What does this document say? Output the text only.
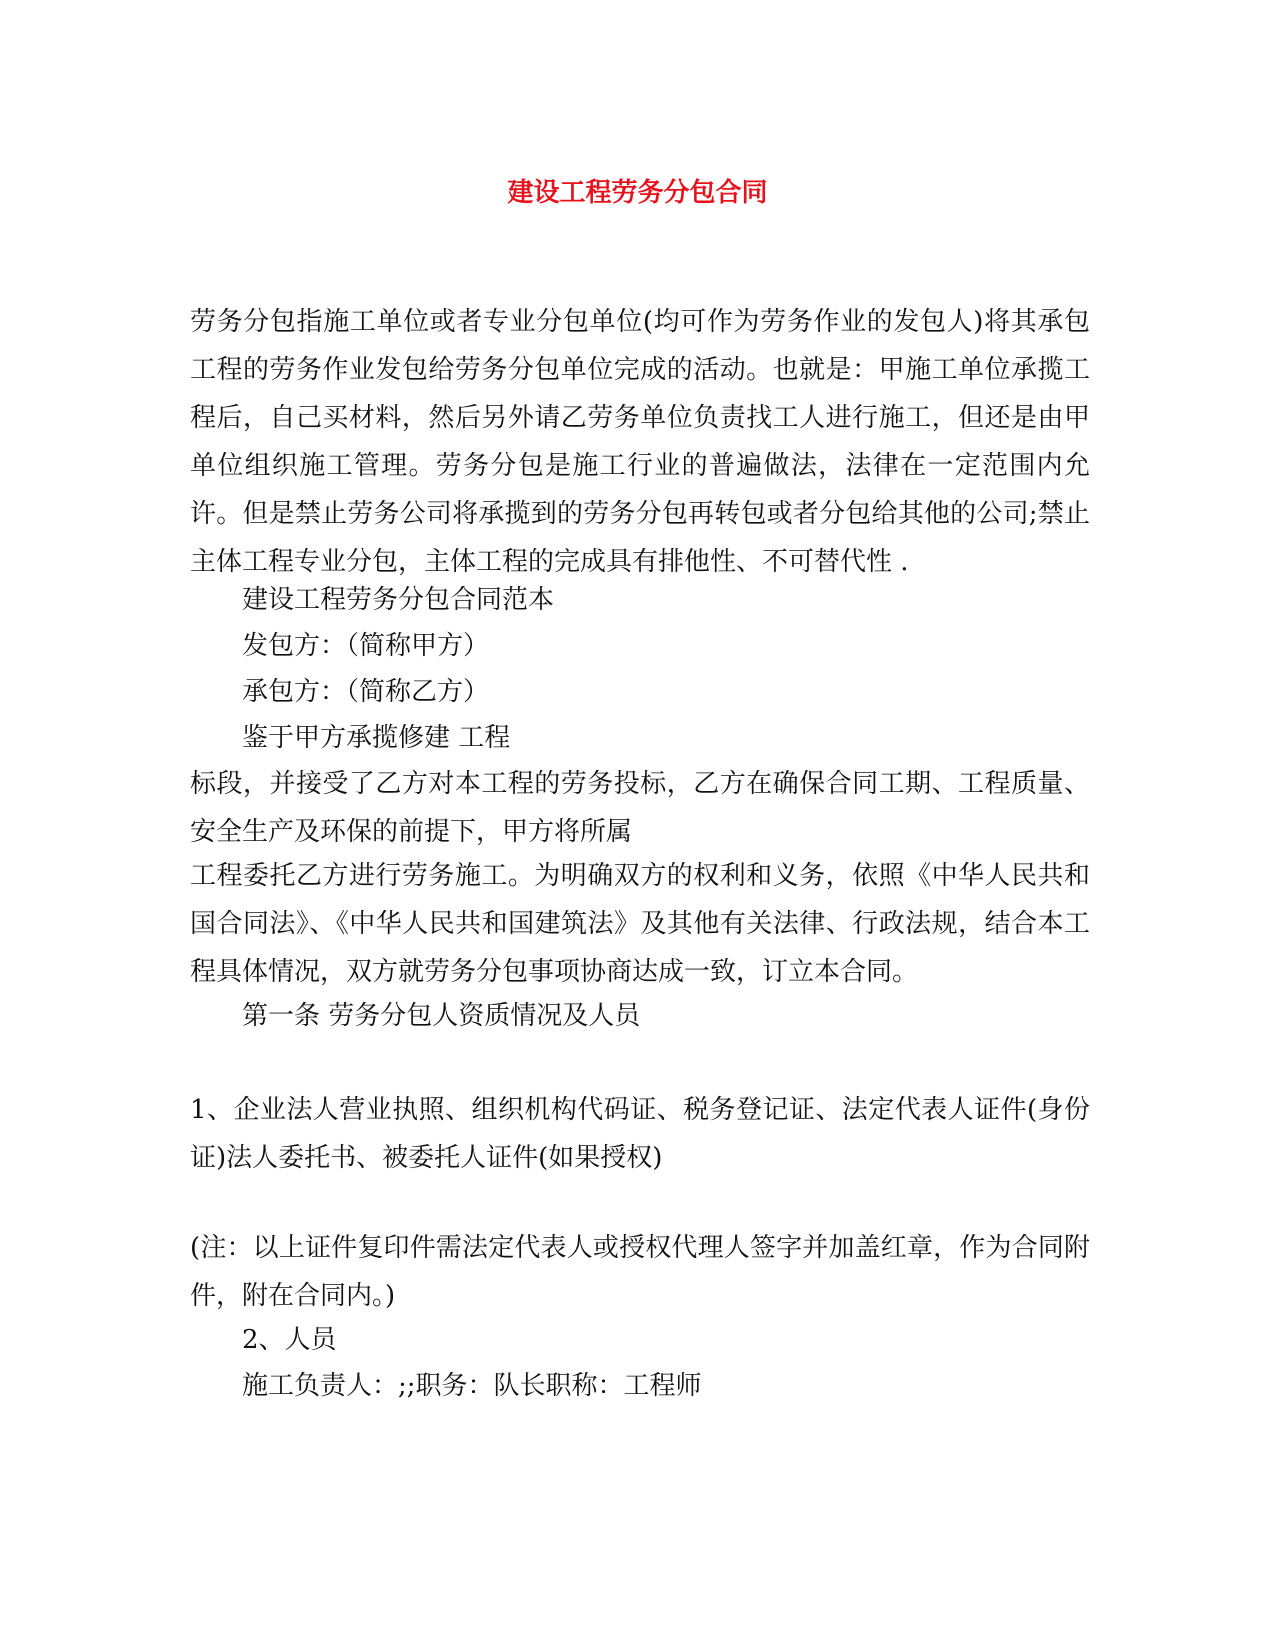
建设工程劳务分包合同

劳务分包指施工单位或者专业分包单位(均可作为劳务作业的发包人)将其承包工程的劳务作业发包给劳务分包单位完成的活动。也就是：甲施工单位承揽工程后，自己买材料，然后另外请乙劳务单位负责找工人进行施工，但还是由甲单位组织施工管理。劳务分包是施工行业的普遍做法，法律在一定范围内允许。但是禁止劳务公司将承揽到的劳务分包再转包或者分包给其他的公司;禁止主体工程专业分包，主体工程的完成具有排他性、不可替代性 .

建设工程劳务分包合同范本

发包方：（简称甲方）

承包方：（简称乙方）

鉴于甲方承揽修建 工程

标段，并接受了乙方对本工程的劳务投标，乙方在确保合同工期、工程质量、安全生产及环保的前提下，甲方将所属

工程委托乙方进行劳务施工。为明确双方的权利和义务，依照《中华人民共和国合同法》、《中华人民共和国建筑法》及其他有关法律、行政法规，结合本工程具体情况，双方就劳务分包事项协商达成一致，订立本合同。

第一条 劳务分包人资质情况及人员

1、企业法人营业执照、组织机构代码证、税务登记证、法定代表人证件(身份证)法人委托书、被委托人证件(如果授权)

(注：以上证件复印件需法定代表人或授权代理人签字并加盖红章，作为合同附件，附在合同内。)

2、人员

施工负责人：;;职务：队长职称：工程师
